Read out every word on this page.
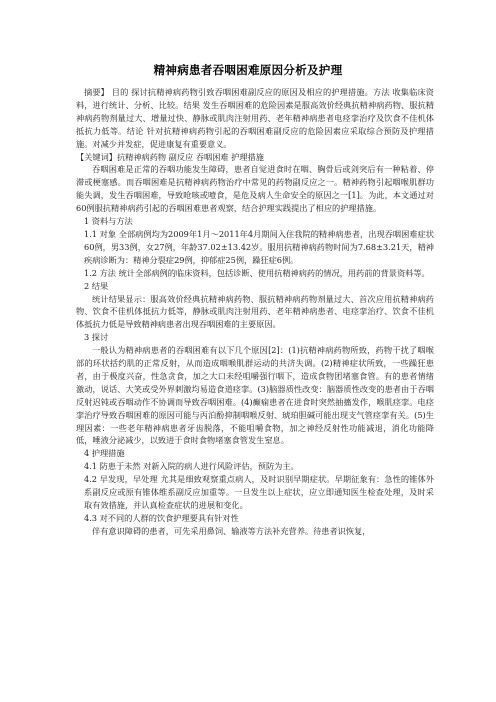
精神病患者吞咽困难原因分析及护理

摘要】 目的 探讨抗精神病药物引致吞咽困难副反应的原因及相应的护理措施。方法 收集临床资料，进行统计、分析、比较。结果 发生吞咽困难的危险因素是服高效价经典抗精神病药物、服抗精神病药物剂量过大、增量过快、静脉或肌肉注射用药、老年精神病患者电痉挛治疗及饮食不佳机体抵抗力低等。结论 针对抗精神病药物引起的吞咽困难副反应的危险因素应采取综合预防及护理措施。对减少并发症，促进康复有重要意义。

【关键词】抗精神病药物 副反应 吞咽困难 护理措施

吞咽困难是正常的吞咽功能发生障碍，患者自觉进食时在咽、胸骨后或剑突后有一种粘着、停滞或梗塞感。而吞咽困难是抗精神病药物治疗中常见的药物副反应之一。精神药物引起咽喉肌群功能失调，发生吞咽困难，导致呛咳或噎食，是危及病人生命安全的原因之一[1]。为此，本文通过对60例服抗精神病药引起的吞咽困难患者观察，结合护理实践提出了相应的护理措施。

1 资料与方法

1.1 对象 全部病例均为2009年1月～2011年4月期间入住我院的精神病患者，出现吞咽困难症状60例，男33例，女27例，年龄37.02±13.42岁。服用抗精神病药物时间为7.68±3.21天，精神疾病诊断为：精神分裂症29例，抑郁症25例，躁狂症6例。

1.2 方法 统计全部病例的临床资料，包括诊断、使用抗精神病药的情况，用药前的背景资料等。

2 结果

统计结果显示：服高效价经典抗精神病药物、服抗精神病药物剂量过大、首次应用抗精神病药物、饮食不佳机体抵抗力低等，静脉或肌肉注射用药、老年精神病患者、电痉挛治疗、饮食不佳机体抵抗力低是导致精神病患者出现吞咽困难的主要原因。

3 探讨

一般认为精神病患者的吞咽困难有以下几个原因[2]：(1)抗精神病药物所致，药物干扰了咽喉部的环状括约肌的正常反射，从而造成咽喉肌群运动的共济失调。(2)精神症状所致，一些躁狂患者，由于极度兴奋，性急贪食，加之大口未经咀嚼强行咽下，造成食物团堵塞食管。有的患者情绪激动，说话、大笑或受外界刺激均易造食道痉挛。(3)脑器质性改变：脑器质性改变的患者由于吞咽反射迟钝或吞咽动作不协调而导致吞咽困难。(4)癫痫患者在进食时突然抽搐发作，喉肌痉挛。电痉挛治疗导致吞咽困难的原因可能与丙泊酚抑制咽喉反射、琥珀胆碱可能出现支气管痉挛有关。(5)生理因素：一些老年精神病患者牙齿脱落，不能咀嚼食物，加之神经反射性功能减退，消化功能降低，唾液分泌减少，以致进于食时食物堵塞食管发生窒息。

4 护理措施

4.1 防患于未然 对新入院的病人进行风险评估，预防为主。

4.2 早发现，早处理 尤其是细致观察重点病人，及时识别早期症状。早期征象有：急性的锥体外系副反应或原有锥体维系副反应加重等。一旦发生以上症状，应立即通知医生检查处理，及时采取有效措施，并认真检查症状的进展和变化。

4.3 对不同的人群的饮食护理要具有针对性

伴有意识障碍的患者，可先采用鼻饲、输液等方法补充营养。待患者识恢复，
